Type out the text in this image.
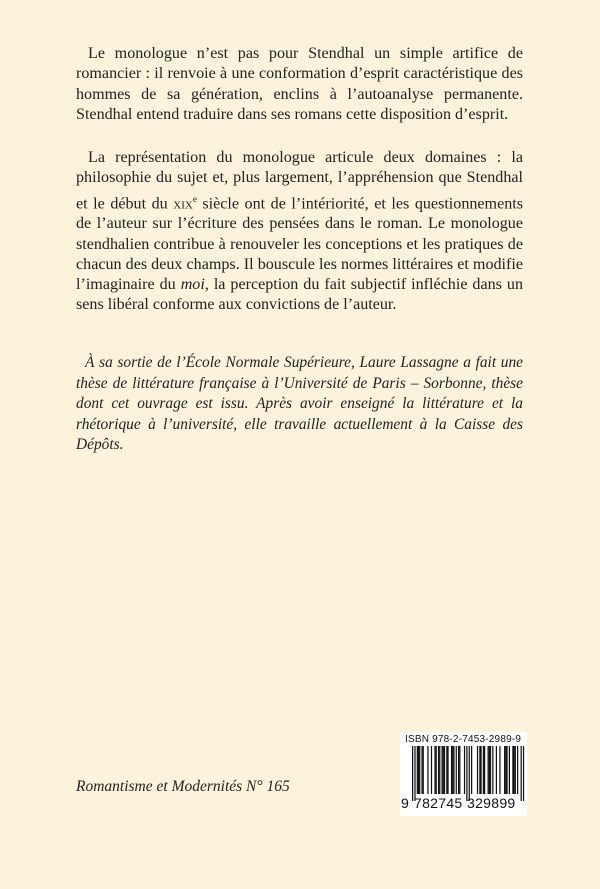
Le monologue n’est pas pour Stendhal un simple artifice de romancier : il renvoie à une conformation d’esprit caractéristique des hommes de sa génération, enclins à l’autoanalyse permanente. Stendhal entend traduire dans ses romans cette disposition d’esprit.

La représentation du monologue articule deux domaines : la philosophie du sujet et, plus largement, l’appréhension que Stendhal et le début du xix$^e$ siècle ont de l’intériorité, et les questionnements de l’auteur sur l’écriture des pensées dans le roman. Le monologue stendhalien contribue à renouveler les conceptions et les pratiques de chacun des deux champs. Il bouscule les normes littéraires et modifie l’imaginaire du moi, la perception du fait subjectif infléchie dans un sens libéral conforme aux convictions de l’auteur.

À sa sortie de l’École Normale Supérieure, Laure Lassagne a fait une thèse de littérature française à l’Université de Paris – Sorbonne, thèse dont cet ouvrage est issu. Après avoir enseigné la littérature et la rhétorique à l’université, elle travaille actuellement à la Caisse des Dépôts.

Romantisme et Modernités N° 165
ISBN 978-2-7453-2989-9
9 782745 329899
